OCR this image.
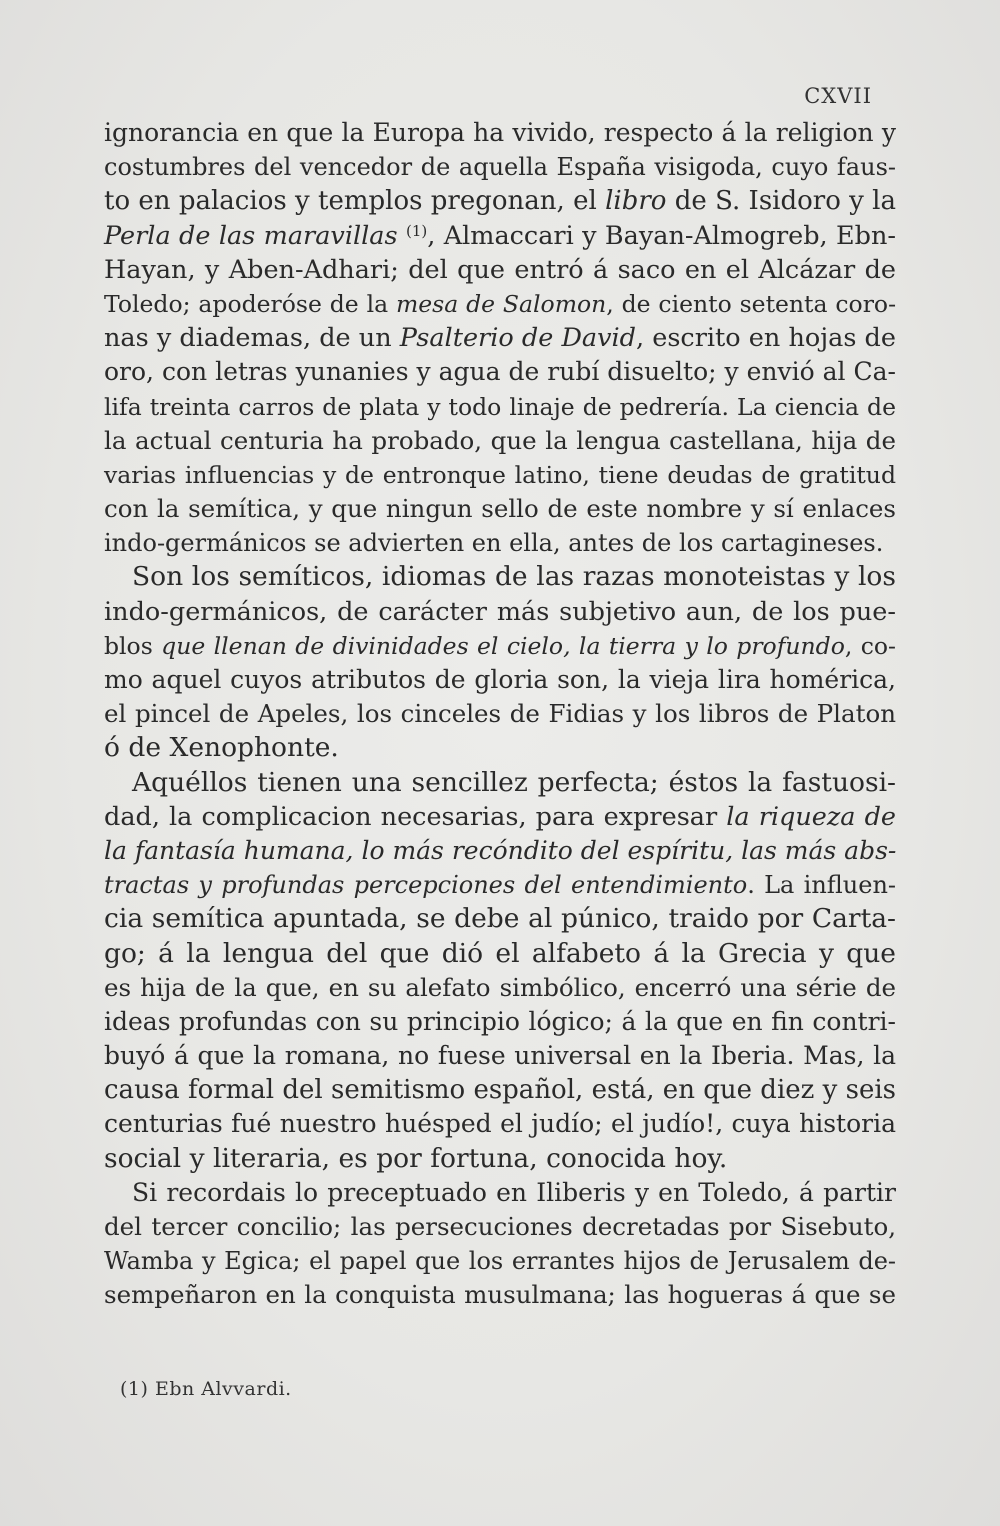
CXVII
ignorancia en que la Europa ha vivido, respecto á la religion y
costumbres del vencedor de aquella España visigoda, cuyo faus-
to en palacios y templos pregonan, el libro de S. Isidoro y la
Perla de las maravillas $^{(1)}$, Almaccari y Bayan-Almogreb, Ebn-
Hayan, y Aben-Adhari; del que entró á saco en el Alcázar de
Toledo; apoderóse de la mesa de Salomon, de ciento setenta coro-
nas y diademas, de un Psalterio de David, escrito en hojas de
oro, con letras yunanies y agua de rubí disuelto; y envió al Ca-
lifa treinta carros de plata y todo linaje de pedrería. La ciencia de
la actual centuria ha probado, que la lengua castellana, hija de
varias influencias y de entronque latino, tiene deudas de gratitud
con la semítica, y que ningun sello de este nombre y sí enlaces
indo-germánicos se advierten en ella, antes de los cartagineses.
Son los semíticos, idiomas de las razas monoteistas y los
indo-germánicos, de carácter más subjetivo aun, de los pue-
blos que llenan de divinidades el cielo, la tierra y lo profundo, co-
mo aquel cuyos atributos de gloria son, la vieja lira homérica,
el pincel de Apeles, los cinceles de Fidias y los libros de Platon
ó de Xenophonte.
Aquéllos tienen una sencillez perfecta; éstos la fastuosi-
dad, la complicacion necesarias, para expresar la riqueza de
la fantasía humana, lo más recóndito del espíritu, las más abs-
tractas y profundas percepciones del entendimiento. La influen-
cia semítica apuntada, se debe al púnico, traido por Carta-
go; á la lengua del que dió el alfabeto á la Grecia y que
es hija de la que, en su alefato simbólico, encerró una série de
ideas profundas con su principio lógico; á la que en fin contri-
buyó á que la romana, no fuese universal en la Iberia. Mas, la
causa formal del semitismo español, está, en que diez y seis
centurias fué nuestro huésped el judío; el judío!, cuya historia
social y literaria, es por fortuna, conocida hoy.
Si recordais lo preceptuado en Iliberis y en Toledo, á partir
del tercer concilio; las persecuciones decretadas por Sisebuto,
Wamba y Egica; el papel que los errantes hijos de Jerusalem de-
sempeñaron en la conquista musulmana; las hogueras á que se
(1) Ebn Alvvardi.
